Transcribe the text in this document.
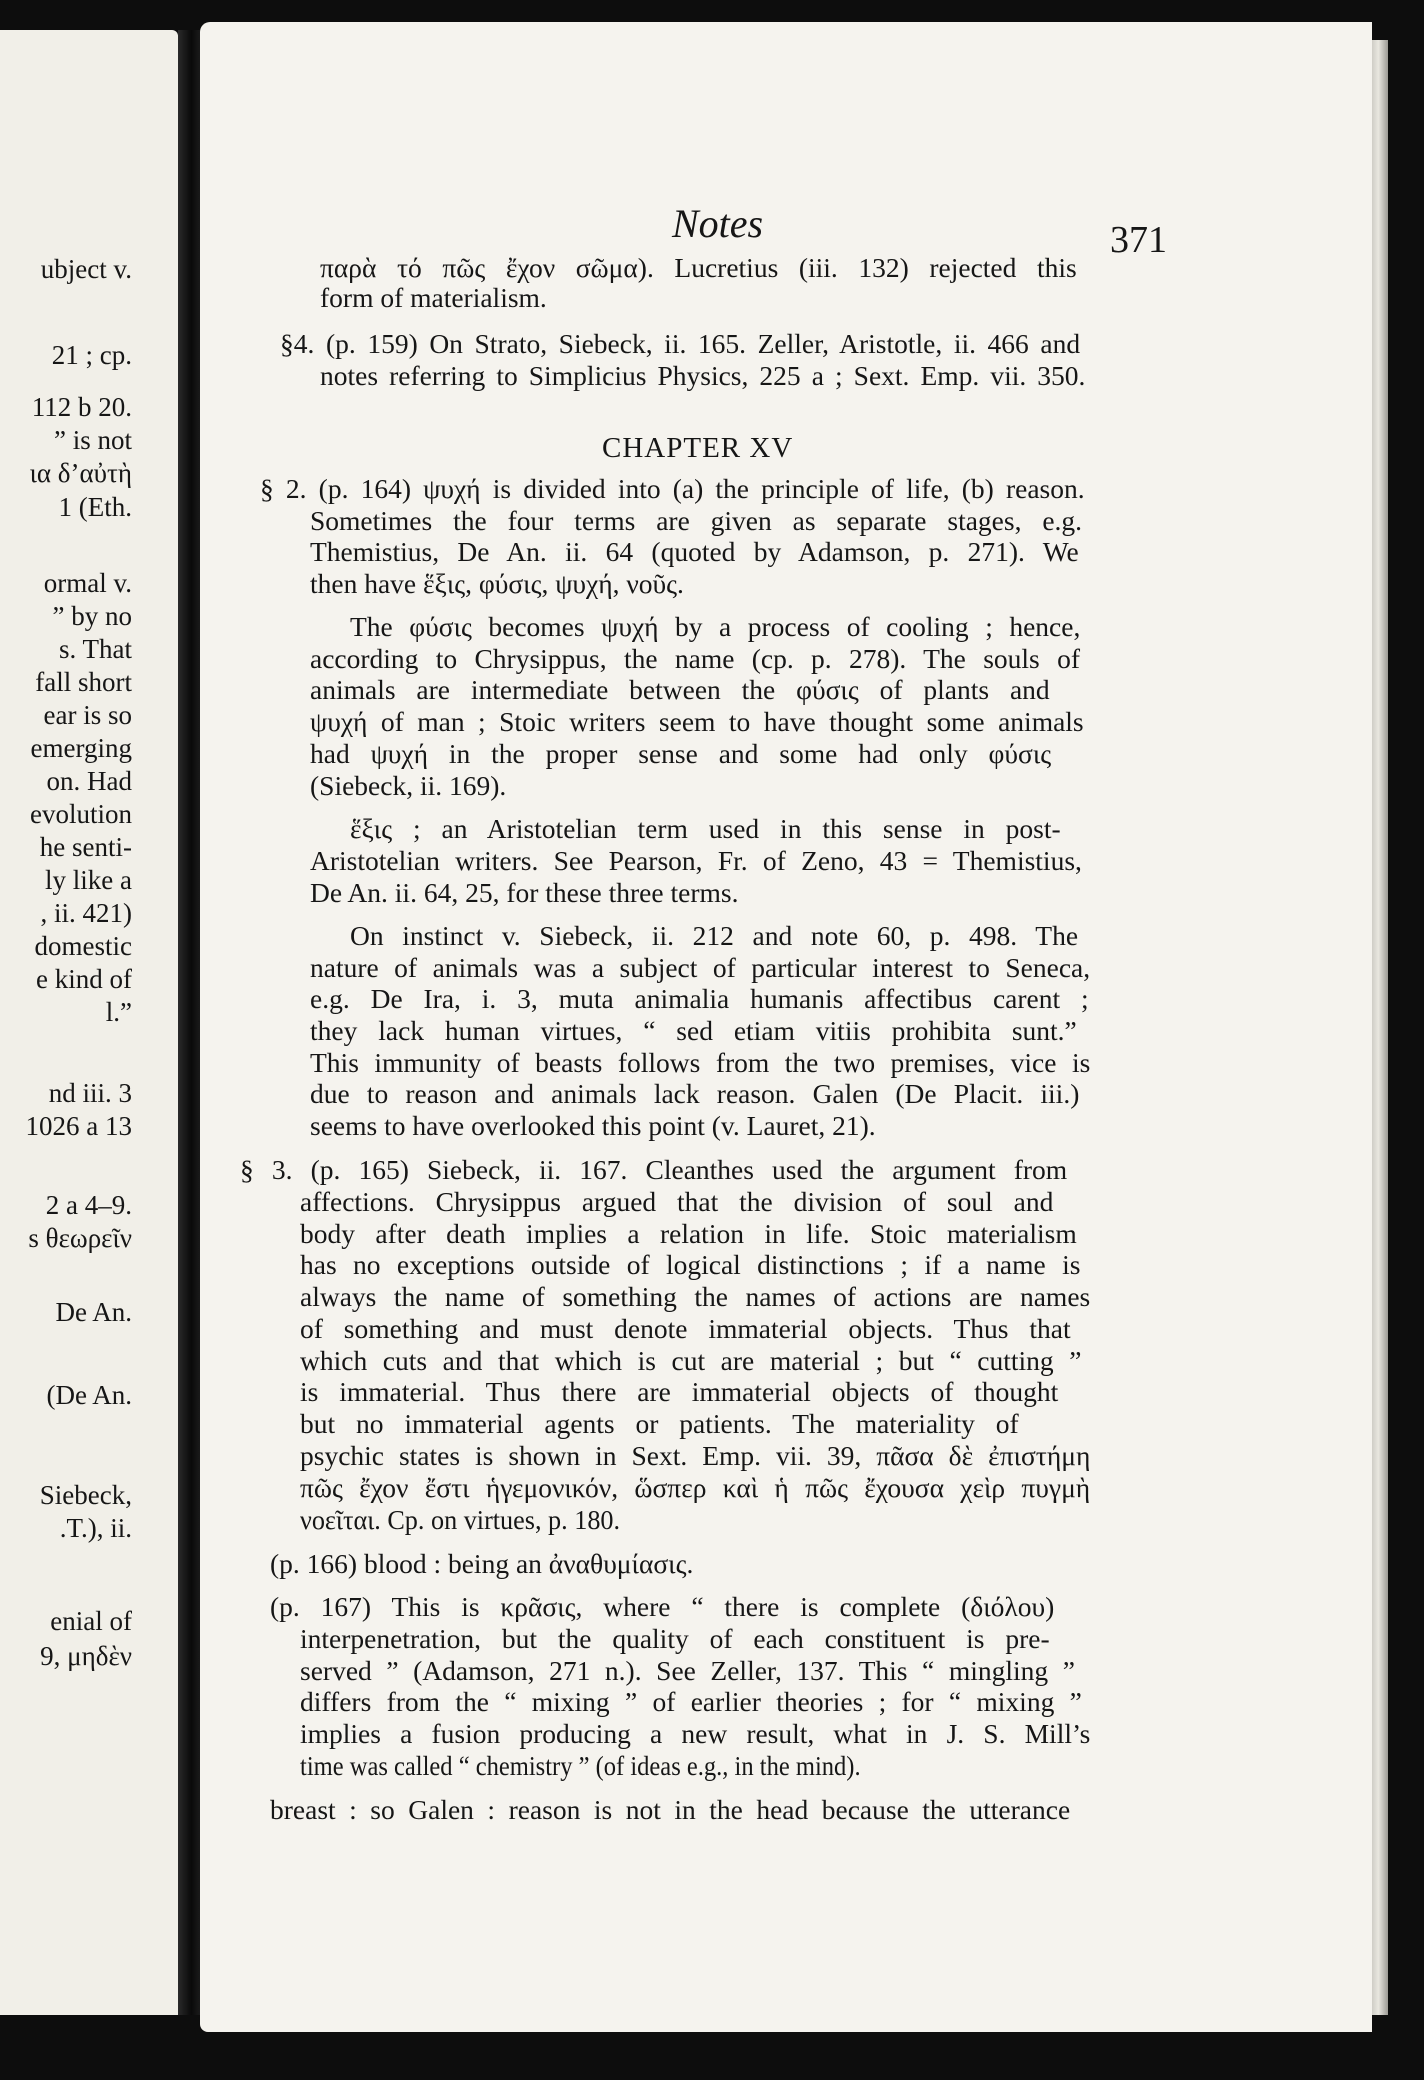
ubject v.
21 ; cp.
112 b 20.
” is not
ια δ’αὐτὴ
1 (Eth.
ormal v.
” by no
s. That
fall short
ear is so
emerging
on. Had
evolution
he senti-
ly like a
, ii. 421)
domestic
e kind of
l.”
nd iii. 3
1026 a 13
2 a 4–9.
s θεωρεῖν
De An.
(De An.
Siebeck,
.T.), ii.
enial of
9, μηδὲν
Notes	371
CHAPTER XV
παρὰ τό πῶς ἔχον σῶμα). Lucretius (iii. 132) rejected this
form of materialism.
§4. (p. 159) On Strato, Siebeck, ii. 165. Zeller, Aristotle, ii. 466 and
notes referring to Simplicius Physics, 225 a ; Sext. Emp. vii. 350.
§ 2. (p. 164) ψυχή is divided into (a) the principle of life, (b) reason.
Sometimes the four terms are given as separate stages, e.g.
Themistius, De An. ii. 64 (quoted by Adamson, p. 271). We
then have ἕξις, φύσις, ψυχή, νοῦς.
The φύσις becomes ψυχή by a process of cooling ; hence,
according to Chrysippus, the name (cp. p. 278). The souls of
animals are intermediate between the φύσις of plants and
ψυχή of man ; Stoic writers seem to have thought some animals
had ψυχή in the proper sense and some had only φύσις
(Siebeck, ii. 169).
ἕξις ; an Aristotelian term used in this sense in post-
Aristotelian writers. See Pearson, Fr. of Zeno, 43 = Themistius,
De An. ii. 64, 25, for these three terms.
On instinct v. Siebeck, ii. 212 and note 60, p. 498. The
nature of animals was a subject of particular interest to Seneca,
e.g. De Ira, i. 3, muta animalia humanis affectibus carent ;
they lack human virtues, “ sed etiam vitiis prohibita sunt.”
This immunity of beasts follows from the two premises, vice is
due to reason and animals lack reason. Galen (De Placit. iii.)
seems to have overlooked this point (v. Lauret, 21).
§ 3. (p. 165) Siebeck, ii. 167. Cleanthes used the argument from
affections. Chrysippus argued that the division of soul and
body after death implies a relation in life. Stoic materialism
has no exceptions outside of logical distinctions ; if a name is
always the name of something the names of actions are names
of something and must denote immaterial objects. Thus that
which cuts and that which is cut are material ; but “ cutting ”
is immaterial. Thus there are immaterial objects of thought
but no immaterial agents or patients. The materiality of
psychic states is shown in Sext. Emp. vii. 39, πᾶσα δὲ ἐπιστήμη
πῶς ἔχον ἔστι ἡγεμονικόν, ὥσπερ καὶ ἡ πῶς ἔχουσα χεὶρ πυγμὴ
νοεῖται. Cp. on virtues, p. 180.
(p. 166) blood : being an ἀναθυμίασις.
(p. 167) This is κρᾶσις, where “ there is complete (διόλου)
interpenetration, but the quality of each constituent is pre-
served ” (Adamson, 271 n.). See Zeller, 137. This “ mingling ”
differs from the “ mixing ” of earlier theories ; for “ mixing ”
implies a fusion producing a new result, what in J. S. Mill’s
time was called “ chemistry ” (of ideas e.g., in the mind).
breast : so Galen : reason is not in the head because the utterance
